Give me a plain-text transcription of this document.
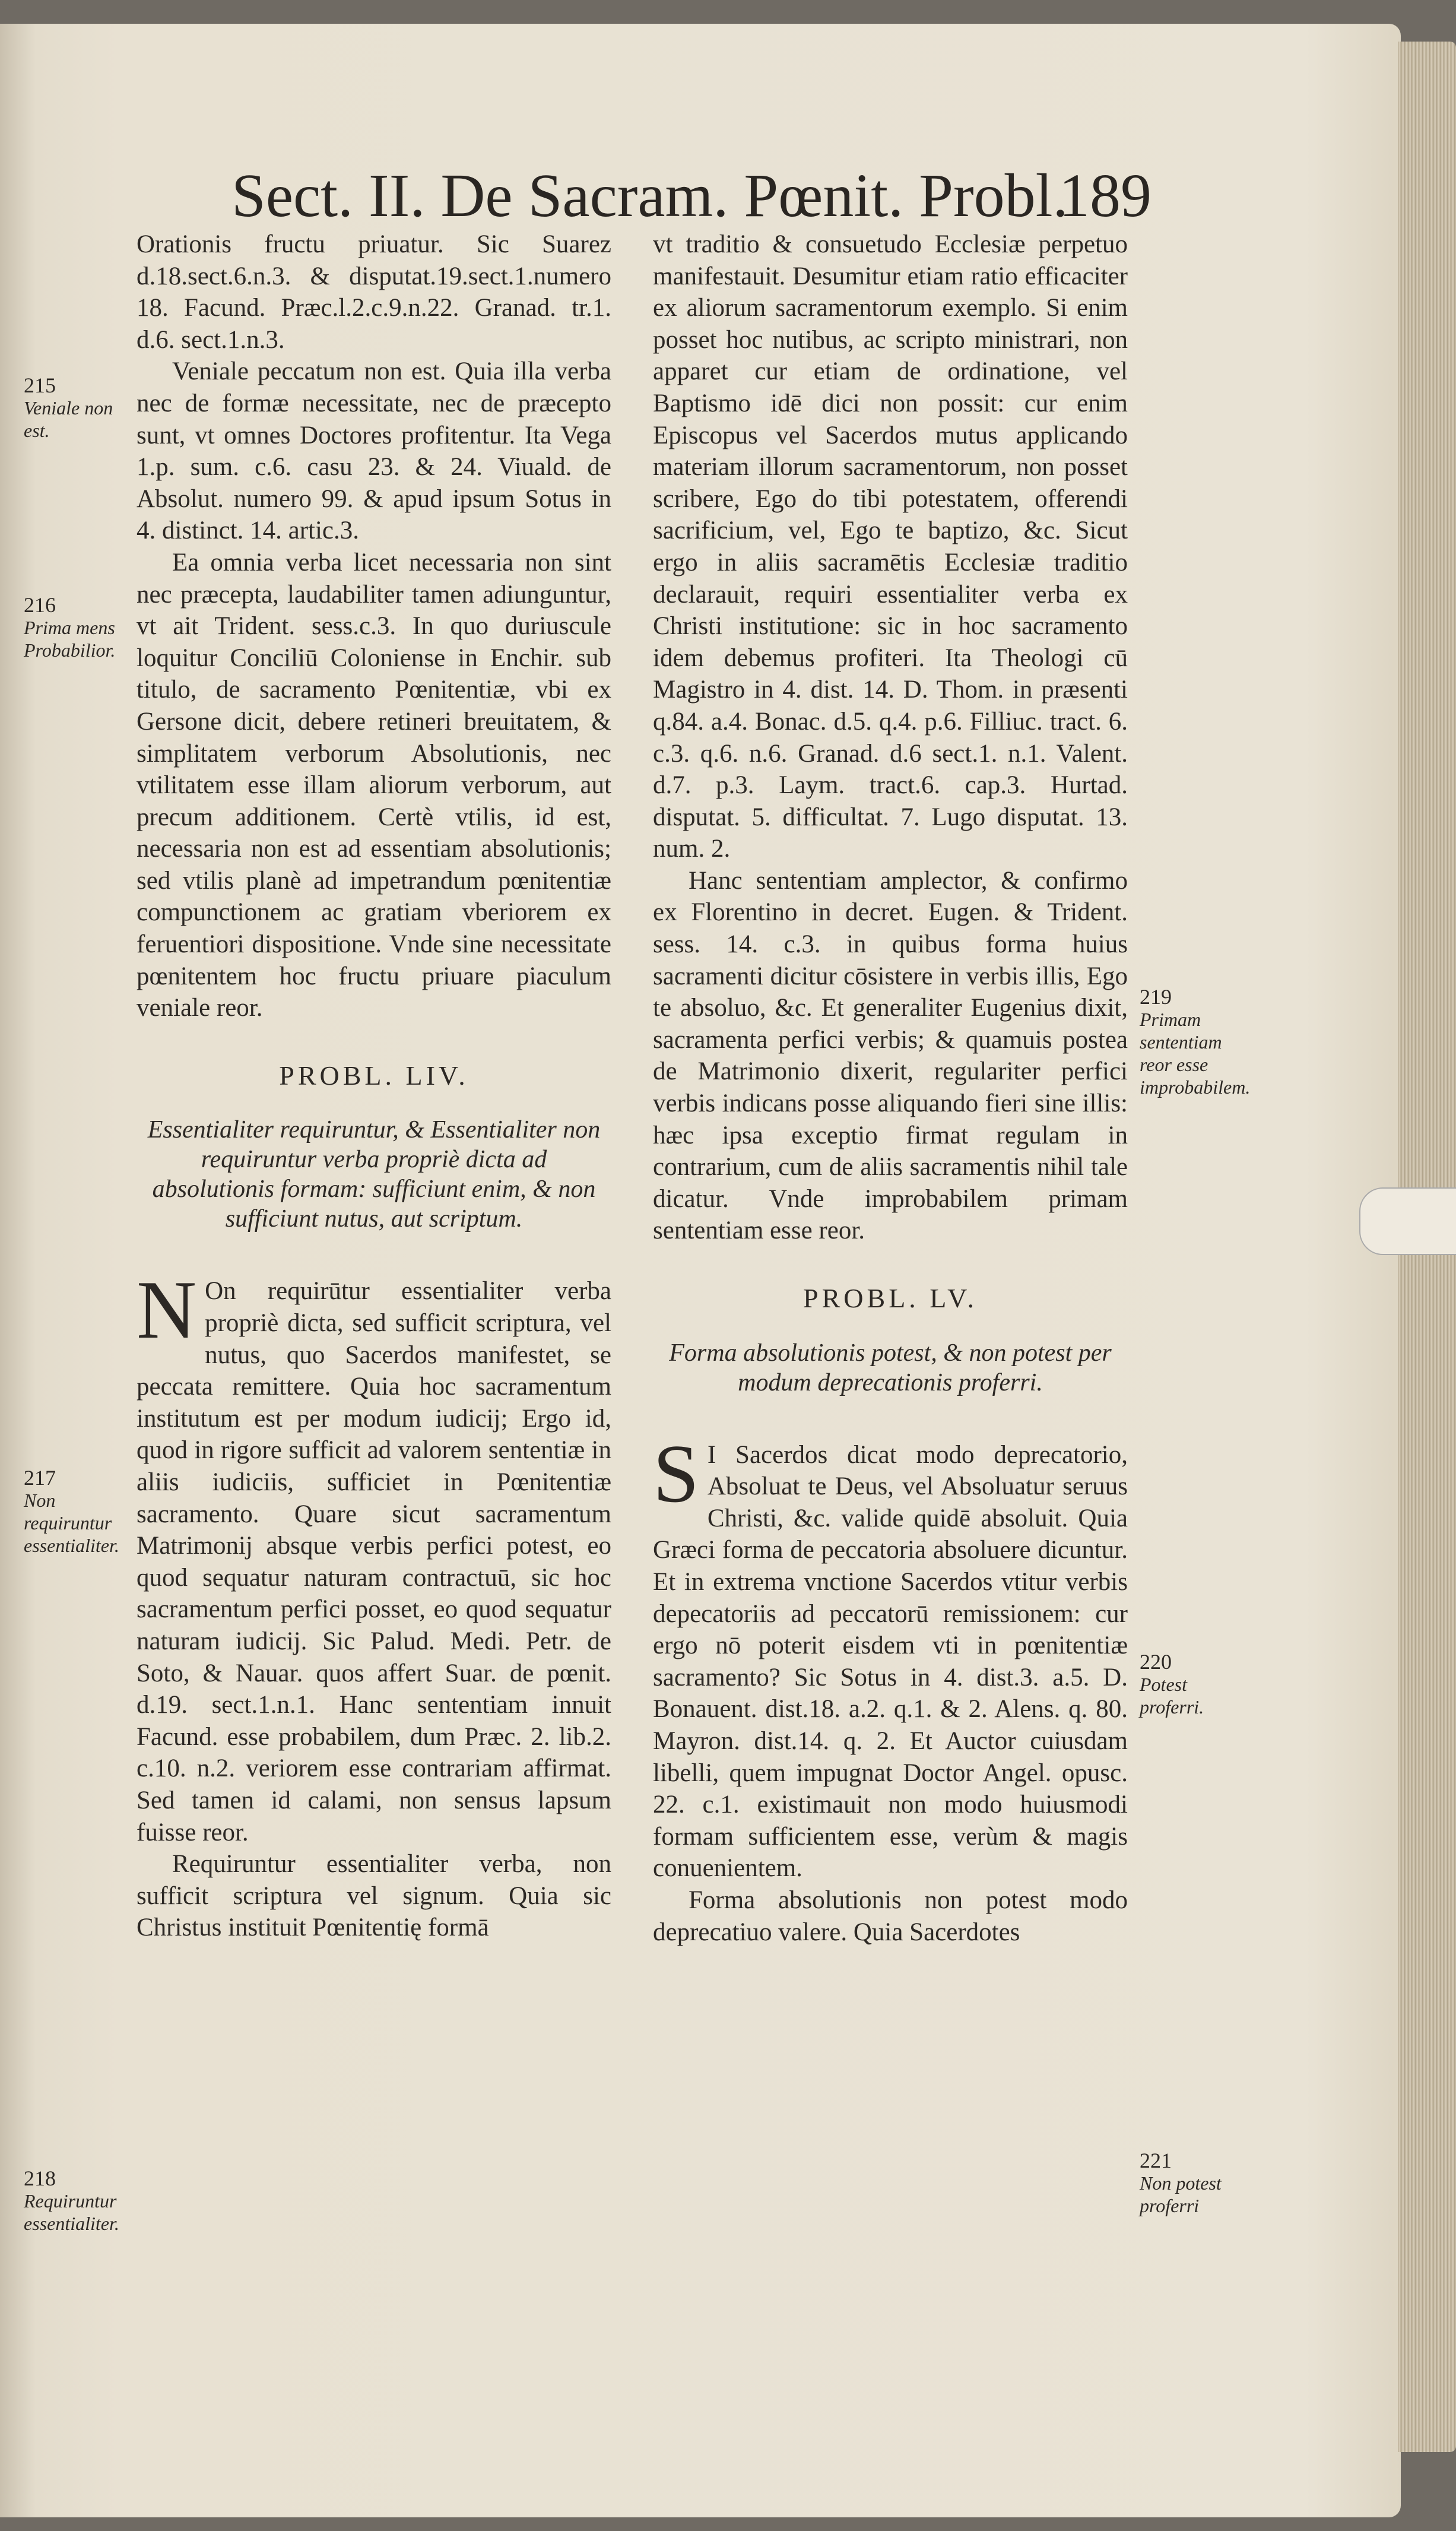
Sect. II. De Sacram. Pœnit. Probl.
189

Orationis fructu priuatur. Sic Suarez d.18.sect.6.n.3. & disputat.19.sect.1.numero 18. Facund. Præc.l.2.c.9.n.22. Granad. tr.1. d.6. sect.1.n.3.

Veniale peccatum non est. Quia illa verba nec de formæ necessitate, nec de præcepto sunt, vt omnes Doctores profitentur. Ita Vega 1.p. sum. c.6. casu 23. & 24. Viuald. de Absolut. numero 99. & apud ipsum Sotus in 4. distinct. 14. artic.3.

Ea omnia verba licet necessaria non sint nec præcepta, laudabiliter tamen adiunguntur, vt ait Trident. sess.c.3. In quo duriuscule loquitur Conciliū Coloniense in Enchir. sub titulo, de sacramento Pœnitentiæ, vbi ex Gersone dicit, debere retineri breuitatem, & simplitatem verborum Absolutionis, nec vtilitatem esse illam aliorum verborum, aut precum additionem. Certè vtilis, id est, necessaria non est ad essentiam absolutionis; sed vtilis planè ad impetrandum pœnitentiæ compunctionem ac gratiam vberiorem ex feruentiori dispositione. Vnde sine necessitate pœnitentem hoc fructu priuare piaculum veniale reor.

PROBL. LIV.

Essentialiter requiruntur, & Essentialiter non requiruntur verba propriè dicta ad absolutionis formam: sufficiunt enim, & non sufficiunt nutus, aut scriptum.

NOn requirūtur essentialiter verba propriè dicta, sed sufficit scriptura, vel nutus, quo Sacerdos manifestet, se peccata remittere. Quia hoc sacramentum institutum est per modum iudicij; Ergo id, quod in rigore sufficit ad valorem sententiæ in aliis iudiciis, sufficiet in Pœnitentiæ sacramento. Quare sicut sacramentum Matrimonij absque verbis perfici potest, eo quod sequatur naturam contractuū, sic hoc sacramentum perfici posset, eo quod sequatur naturam iudicij. Sic Palud. Medi. Petr. de Soto, & Nauar. quos affert Suar. de pœnit. d.19. sect.1.n.1. Hanc sententiam innuit Facund. esse probabilem, dum Præc. 2. lib.2. c.10. n.2. veriorem esse contrariam affirmat. Sed tamen id calami, non sensus lapsum fuisse reor.

Requiruntur essentialiter verba, non sufficit scriptura vel signum. Quia sic Christus instituit Pœnitentię formā

vt traditio & consuetudo Ecclesiæ perpetuo manifestauit. Desumitur etiam ratio efficaciter ex aliorum sacramentorum exemplo. Si enim posset hoc nutibus, ac scripto ministrari, non apparet cur etiam de ordinatione, vel Baptismo idē dici non possit: cur enim Episcopus vel Sacerdos mutus applicando materiam illorum sacramentorum, non posset scribere, Ego do tibi potestatem, offerendi sacrificium, vel, Ego te baptizo, &c. Sicut ergo in aliis sacramētis Ecclesiæ traditio declarauit, requiri essentialiter verba ex Christi institutione: sic in hoc sacramento idem debemus profiteri. Ita Theologi cū Magistro in 4. dist. 14. D. Thom. in præsenti q.84. a.4. Bonac. d.5. q.4. p.6. Filliuc. tract. 6. c.3. q.6. n.6. Granad. d.6 sect.1. n.1. Valent. d.7. p.3. Laym. tract.6. cap.3. Hurtad. disputat. 5. difficultat. 7. Lugo disputat. 13. num. 2.

Hanc sententiam amplector, & confirmo ex Florentino in decret. Eugen. & Trident. sess. 14. c.3. in quibus forma huius sacramenti dicitur cōsistere in verbis illis, Ego te absoluo, &c. Et generaliter Eugenius dixit, sacramenta perfici verbis; & quamuis postea de Matrimonio dixerit, regulariter perfici verbis indicans posse aliquando fieri sine illis: hæc ipsa exceptio firmat regulam in contrarium, cum de aliis sacramentis nihil tale dicatur. Vnde improbabilem primam sententiam esse reor.

PROBL. LV.

Forma absolutionis potest, & non potest per modum deprecationis proferri.

SI Sacerdos dicat modo deprecatorio, Absoluat te Deus, vel Absoluatur seruus Christi, &c. valide quidē absoluit. Quia Græci forma de peccatoria absoluere dicuntur. Et in extrema vnctione Sacerdos vtitur verbis depecatoriis ad peccatorū remissionem: cur ergo nō poterit eisdem vti in pœnitentiæ sacramento? Sic Sotus in 4. dist.3. a.5. D. Bonauent. dist.18. a.2. q.1. & 2. Alens. q. 80. Mayron. dist.14. q. 2. Et Auctor cuiusdam libelli, quem impugnat Doctor Angel. opusc. 22. c.1. existimauit non modo huiusmodi formam sufficientem esse, verùm & magis conuenientem.

Forma absolutionis non potest modo deprecatiuo valere. Quia Sacerdotes

215
Veniale non est.
216
Prima mens Probabilior.
217
Non requiruntur essentialiter.
218
Requiruntur essentialiter.
219
Primam sententiam reor esse improbabilem.
220
Potest proferri.
221
Non potest proferri
